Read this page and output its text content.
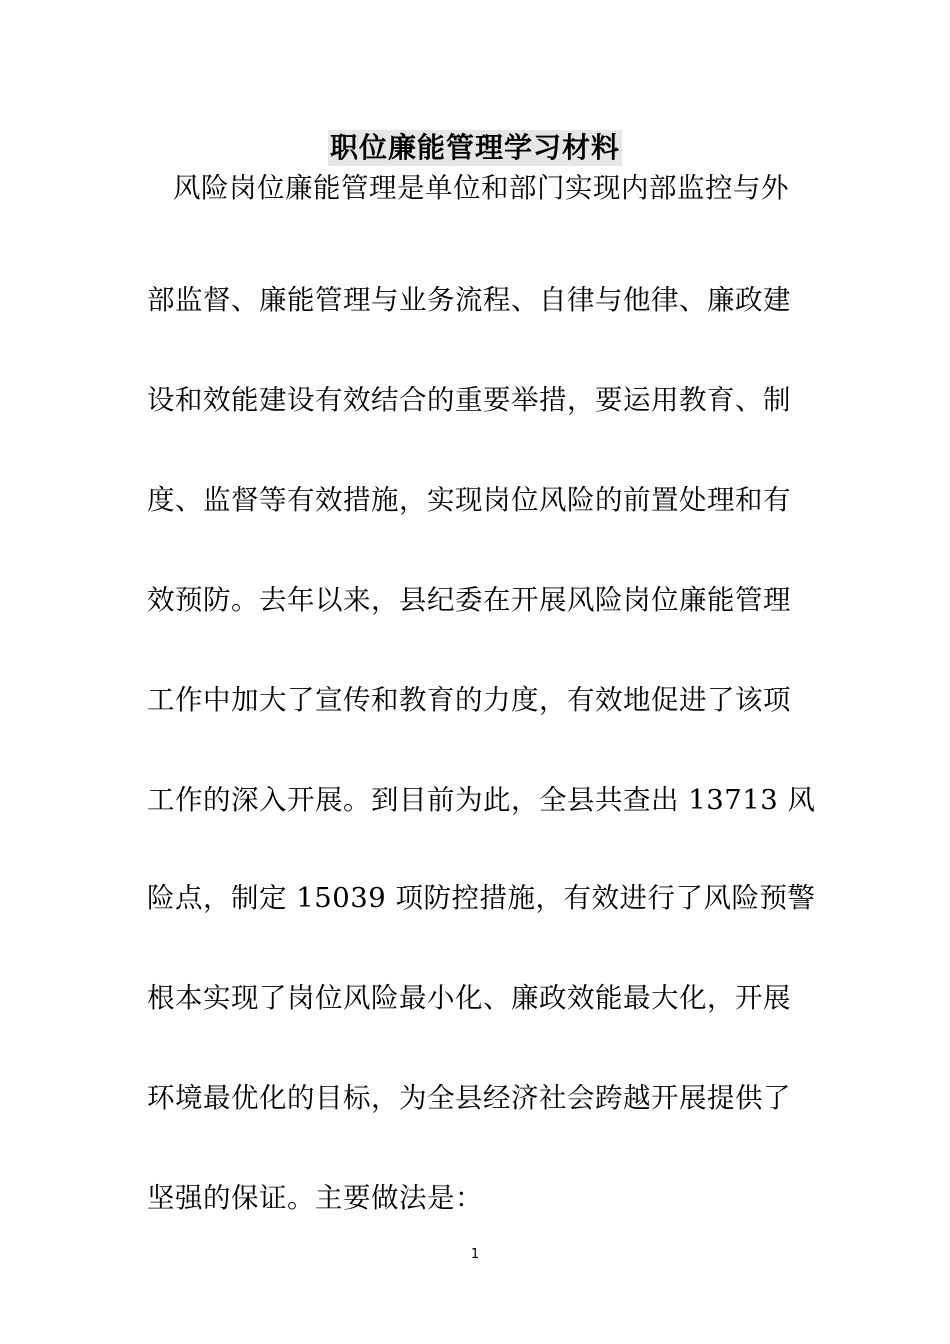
职位廉能管理学习材料
　风险岗位廉能管理是单位和部门实现内部监控与外
部监督、廉能管理与业务流程、自律与他律、廉政建
设和效能建设有效结合的重要举措，要运用教育、制
度、监督等有效措施，实现岗位风险的前置处理和有
效预防。去年以来，县纪委在开展风险岗位廉能管理
工作中加大了宣传和教育的力度，有效地促进了该项
工作的深入开展。到目前为此，全县共查出 13713 风
险点，制定 15039 项防控措施，有效进行了风险预警
根本实现了岗位风险最小化、廉政效能最大化，开展
环境最优化的目标，为全县经济社会跨越开展提供了
坚强的保证。主要做法是：
1
